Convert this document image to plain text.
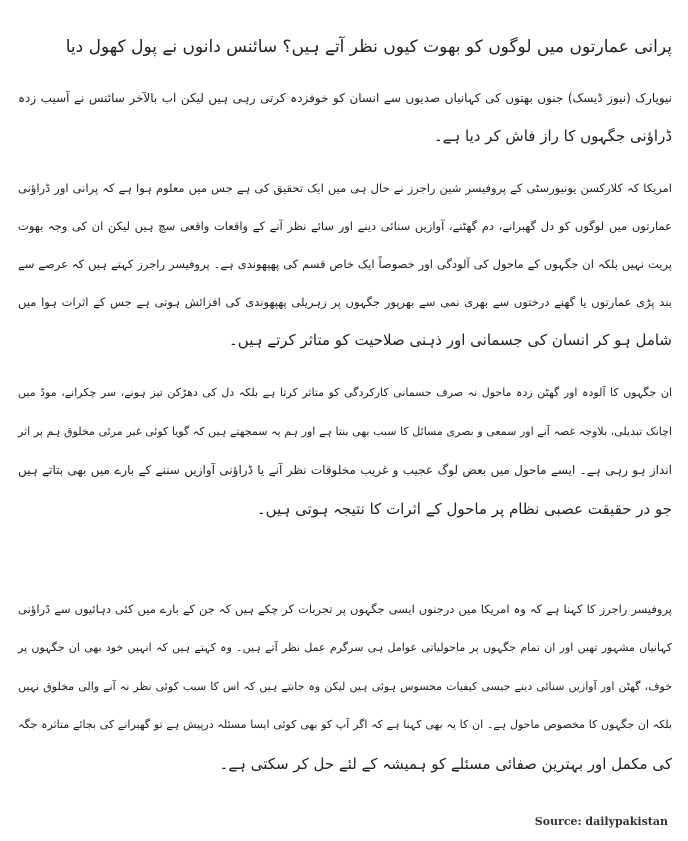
پرانی عمارتوں میں لوگوں کو بھوت کیوں نظر آتے ہیں؟ سائنس دانوں نے پول کھول دیا
نیویارک (نیوز ڈیسک) جنوں بھتوں کی کہانیاں صدیوں سے انسان کو خوفزدہ کرتی رہی ہیں لیکن اب بالآخر سائنس نے آسیب زدہ
ڈراؤنی جگہوں کا راز فاش کر دیا ہے۔
امریکا کہ کلارکسن یونیورسٹی کے پروفیسر شین راجرز نے حال ہی میں ایک تحقیق کی ہے جس میں معلوم ہوا ہے کہ پرانی اور ڈراؤنی
عمارتوں میں لوگوں کو دل گھبرانے، دم گھٹنے، آوازیں سنائی دینے اور سائے نظر آنے کے واقعات واقعی سچ ہیں لیکن ان کی وجہ بھوت
پریت نہیں بلکہ ان جگہوں کے ماحول کی آلودگی اور خصوصاً ایک خاص قسم کی پھپھوندی ہے۔ پروفیسر راجرز کہتے ہیں کہ عرصے سے
بند پڑی عمارتوں یا گھنے درختوں سے بھری نمی سے بھرپور جگہوں پر زہریلی پھپھوندی کی افزائش ہوتی ہے جس کے اثرات ہوا میں
شامل ہو کر انسان کی جسمانی اور ذہنی صلاحیت کو متاثر کرتے ہیں۔
ان جگہوں کا آلودہ اور گھٹن زدہ ماحول نہ صرف جسمانی کارکردگی کو متاثر کرتا ہے بلکہ دل کی دھڑکن تیز ہونے، سر چکرانے، موڈ میں
اچانک تبدیلی، بلاوجہ غصہ آنے اور سمعی و بصری مسائل کا سبب بھی بنتا ہے اور ہم یہ سمجھتے ہیں کہ گویا کوئی غیر مرئی مخلوق ہم پر اثر
انداز ہو رہی ہے۔ ایسے ماحول میں بعض لوگ عجیب و غریب مخلوقات نظر آنے یا ڈراؤنی آوازیں سننے کے بارے میں بھی بتاتے ہیں
جو در حقیقت عصبی نظام پر ماحول کے اثرات کا نتیجہ ہوتی ہیں۔
پروفیسر راجرز کا کہنا ہے کہ وہ امریکا میں درجنوں ایسی جگہوں پر تجربات کر چکے ہیں کہ جن کے بارے میں کئی دہائیوں سے ڈراؤنی
کہانیاں مشہور تھیں اور ان تمام جگہوں پر ماحولیاتی عوامل ہی سرگرم عمل نظر آتے ہیں۔ وہ کہتے ہیں کہ انہیں خود بھی ان جگہوں پر
خوف، گھٹن اور آوازیں سنائی دینے جیسی کیفیات محسوس ہوئی ہیں لیکن وہ جانتے ہیں کہ اس کا سبب کوئی نظر نہ آنے والی مخلوق نہیں
بلکہ ان جگہوں کا مخصوص ماحول ہے۔ ان کا یہ بھی کہنا ہے کہ اگر آپ کو بھی کوئی ایسا مسئلہ درپیش ہے تو گھبرانے کی بجائے متاثرہ جگہ
کی مکمل اور بہترین صفائی مسئلے کو ہمیشہ کے لئے حل کر سکتی ہے۔
Source: dailypakistan
